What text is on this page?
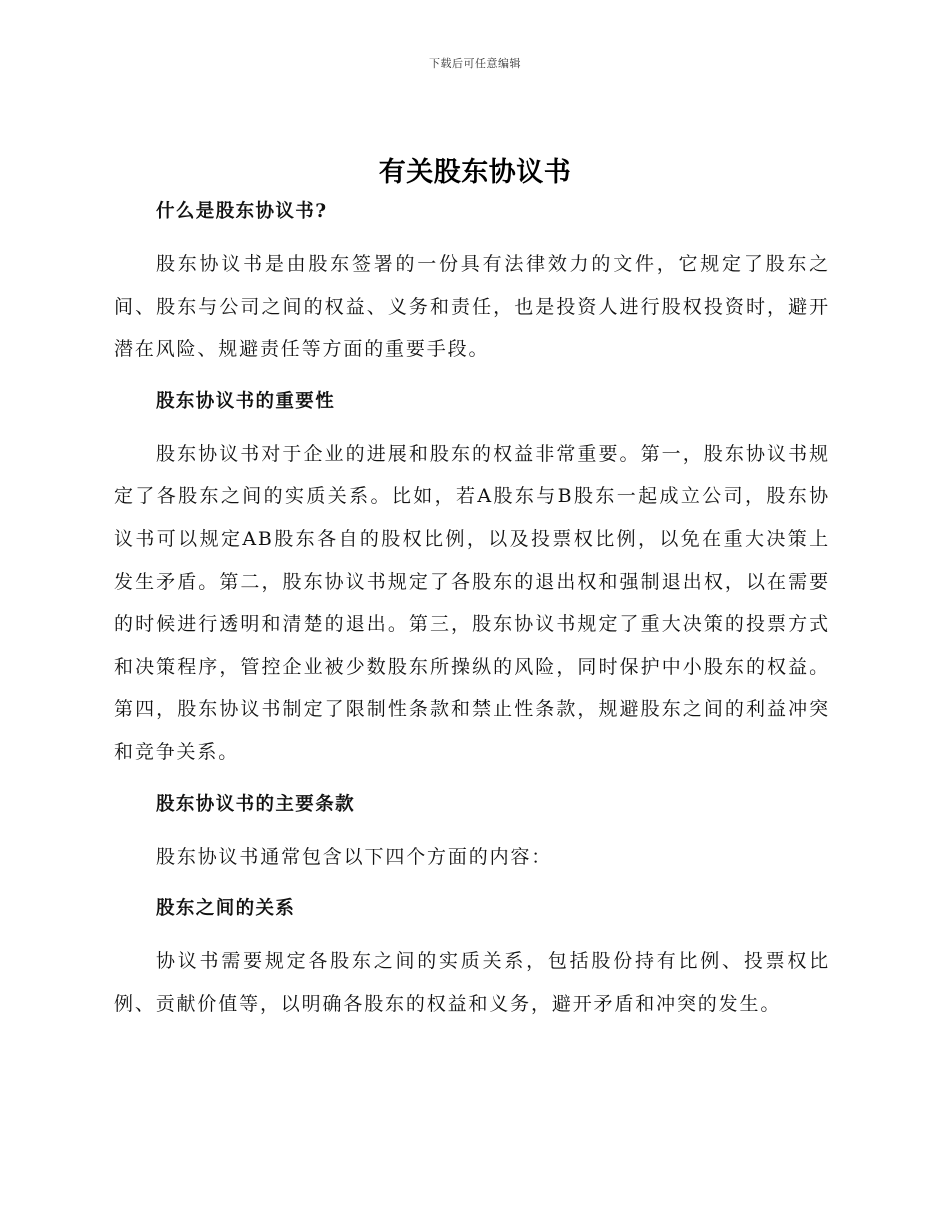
下载后可任意编辑
有关股东协议书
什么是股东协议书?

股东协议书是由股东签署的一份具有法律效力的文件，它规定了股东之间、股东与公司之间的权益、义务和责任，也是投资人进行股权投资时，避开潜在风险、规避责任等方面的重要手段。

股东协议书的重要性

股东协议书对于企业的进展和股东的权益非常重要。第一，股东协议书规定了各股东之间的实质关系。比如，若A股东与B股东一起成立公司，股东协议书可以规定AB股东各自的股权比例，以及投票权比例，以免在重大决策上发生矛盾。第二，股东协议书规定了各股东的退出权和强制退出权，以在需要的时候进行透明和清楚的退出。第三，股东协议书规定了重大决策的投票方式和决策程序，管控企业被少数股东所操纵的风险，同时保护中小股东的权益。第四，股东协议书制定了限制性条款和禁止性条款，规避股东之间的利益冲突和竞争关系。

股东协议书的主要条款

股东协议书通常包含以下四个方面的内容：

股东之间的关系

协议书需要规定各股东之间的实质关系，包括股份持有比例、投票权比例、贡献价值等，以明确各股东的权益和义务，避开矛盾和冲突的发生。
